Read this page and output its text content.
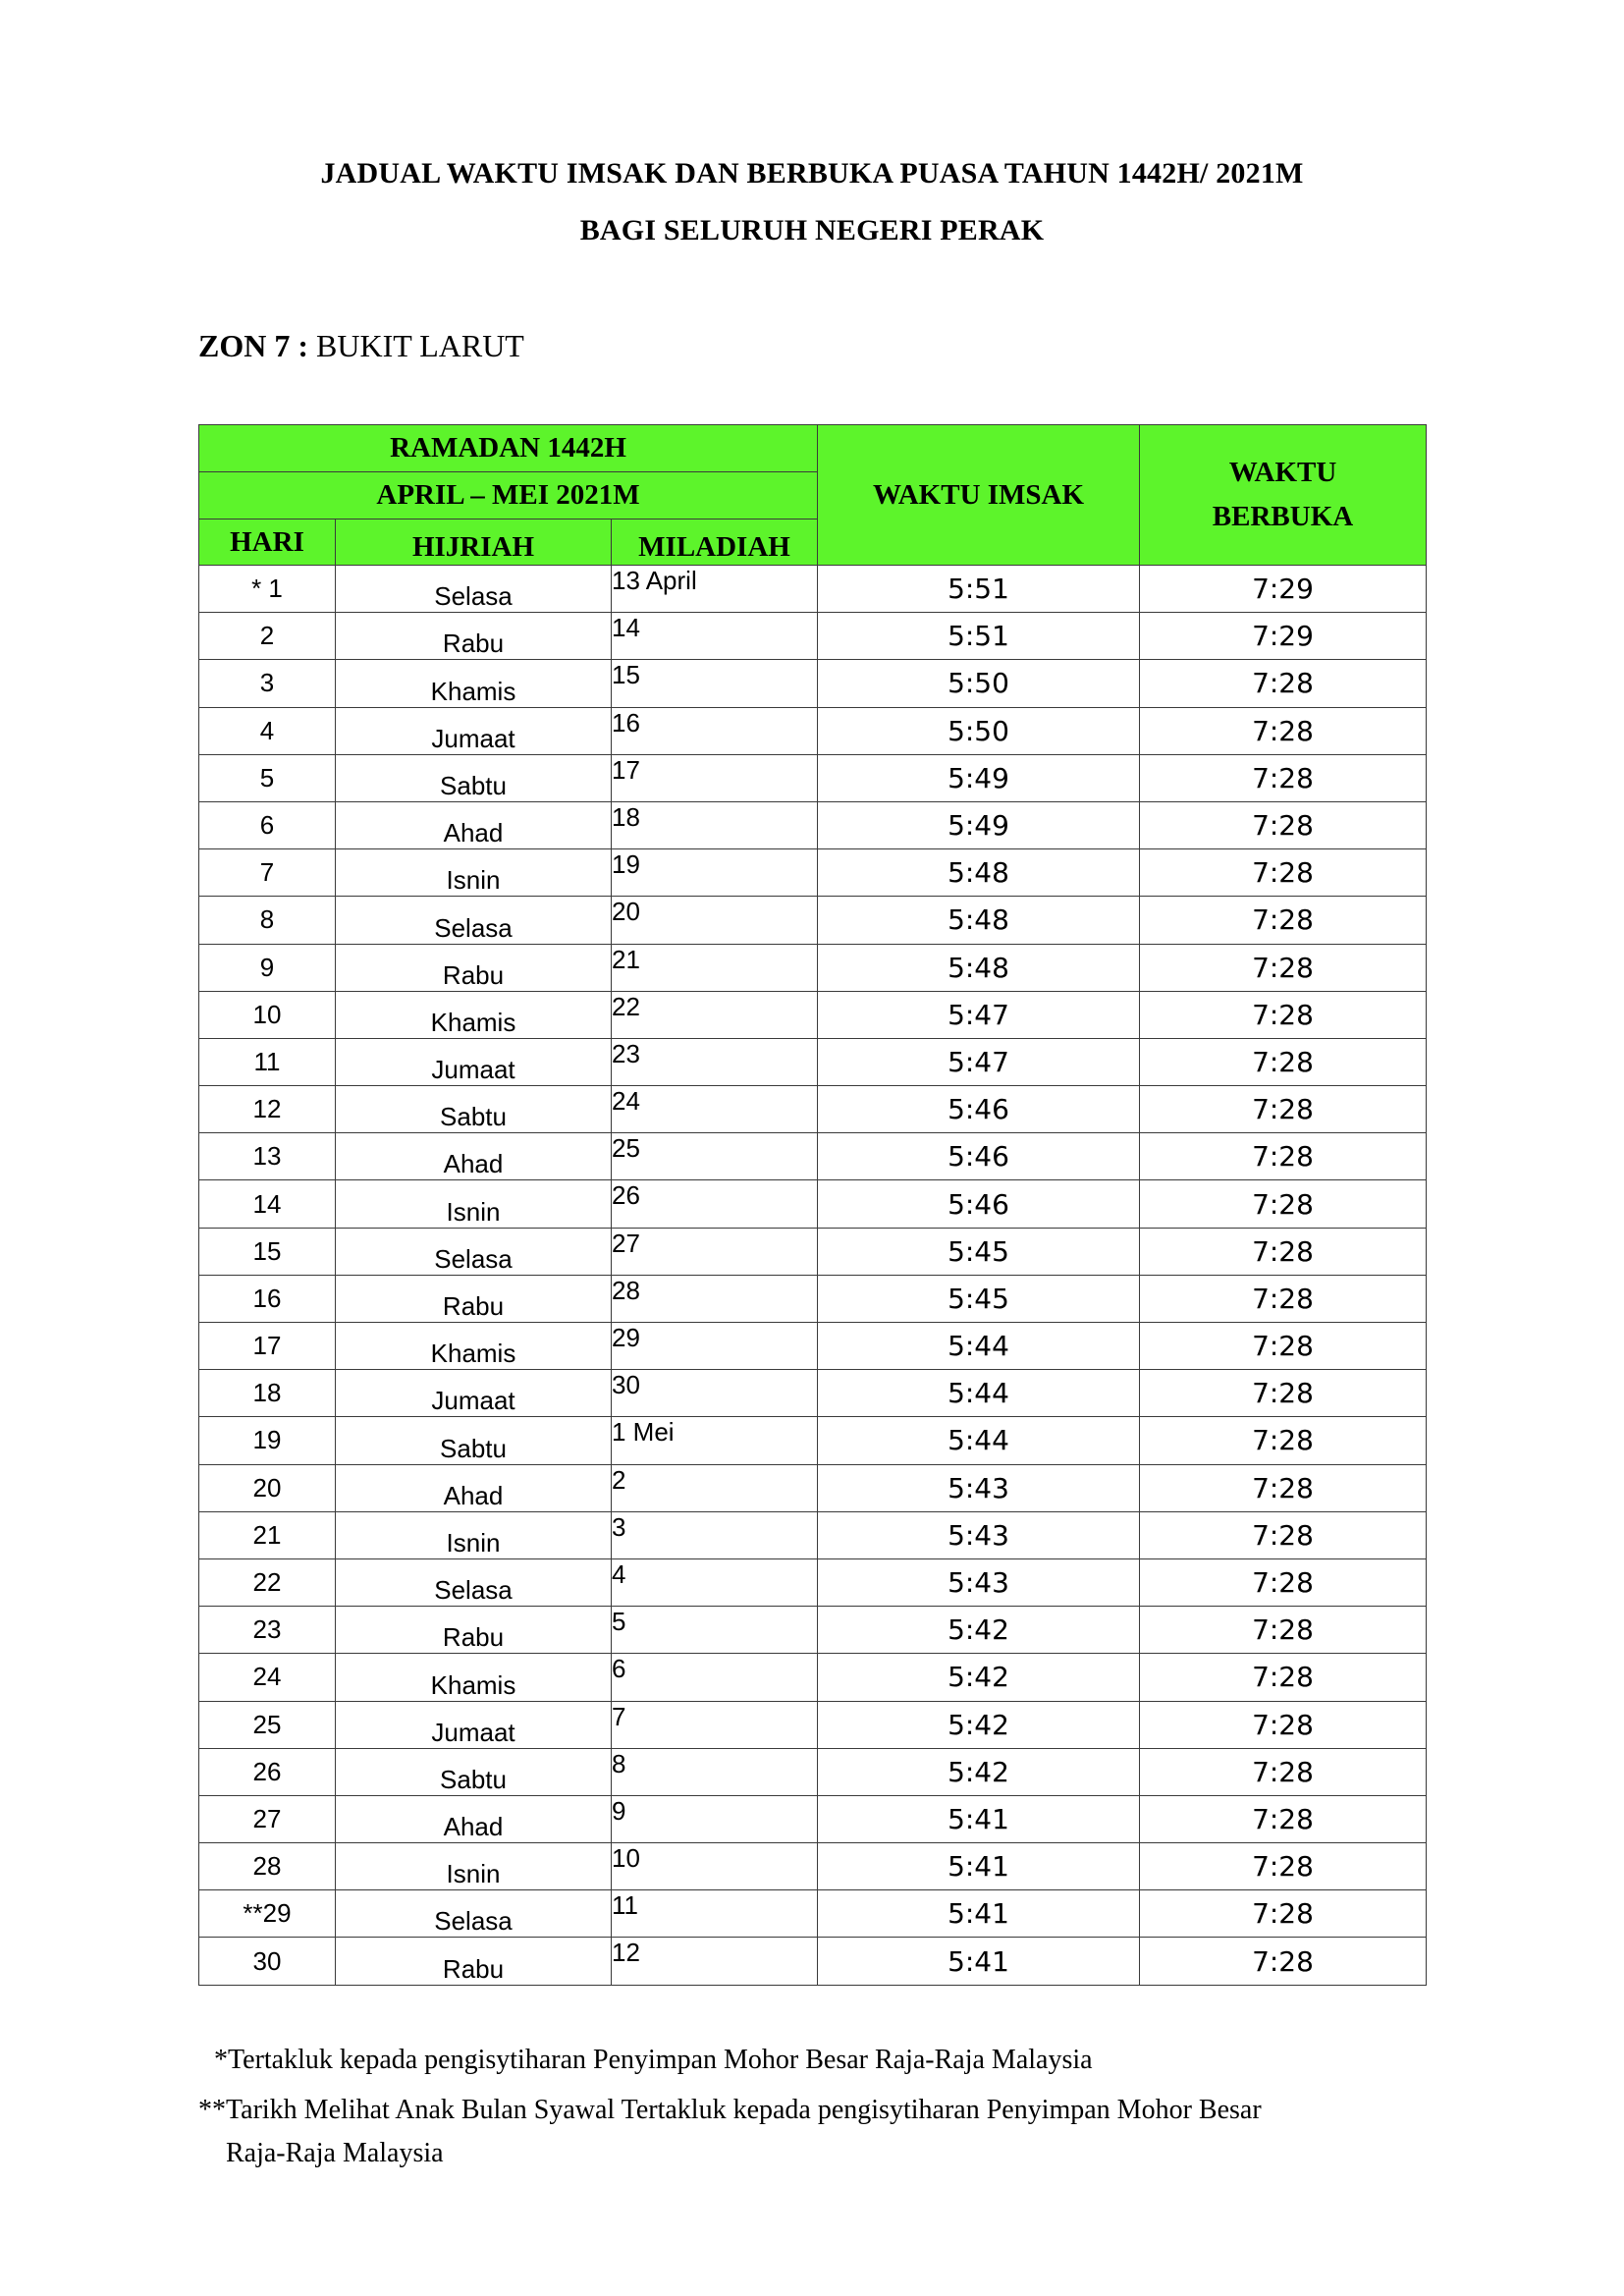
JADUAL WAKTU IMSAK DAN BERBUKA PUASA TAHUN 1442H/ 2021M
BAGI SELURUH NEGERI PERAK
ZON 7 : BUKIT LARUT
RAMADAN 1442H			WAKTU IMSAK	WAKTU
BERBUKA

APRIL – MEI 2021M				
HARI	HIJRIAH	MILADIAH		

* 1	Selasa	13 April	5:51	7:29
2	Rabu	14	5:51	7:29
3	Khamis	15	5:50	7:28
4	Jumaat	16	5:50	7:28
5	Sabtu	17	5:49	7:28
6	Ahad	18	5:49	7:28
7	Isnin	19	5:48	7:28
8	Selasa	20	5:48	7:28
9	Rabu	21	5:48	7:28
10	Khamis	22	5:47	7:28
11	Jumaat	23	5:47	7:28
12	Sabtu	24	5:46	7:28
13	Ahad	25	5:46	7:28
14	Isnin	26	5:46	7:28
15	Selasa	27	5:45	7:28
16	Rabu	28	5:45	7:28
17	Khamis	29	5:44	7:28
18	Jumaat	30	5:44	7:28
19	Sabtu	1 Mei	5:44	7:28
20	Ahad	2	5:43	7:28
21	Isnin	3	5:43	7:28
22	Selasa	4	5:43	7:28
23	Rabu	5	5:42	7:28
24	Khamis	6	5:42	7:28
25	Jumaat	7	5:42	7:28
26	Sabtu	8	5:42	7:28
27	Ahad	9	5:41	7:28
28	Isnin	10	5:41	7:28
**29	Selasa	11	5:41	7:28
30	Rabu	12	5:41	7:28
*Tertakluk kepada pengisytiharan Penyimpan Mohor Besar Raja-Raja Malaysia
**Tarikh Melihat Anak Bulan Syawal Tertakluk kepada pengisytiharan Penyimpan Mohor Besar
Raja-Raja Malaysia
